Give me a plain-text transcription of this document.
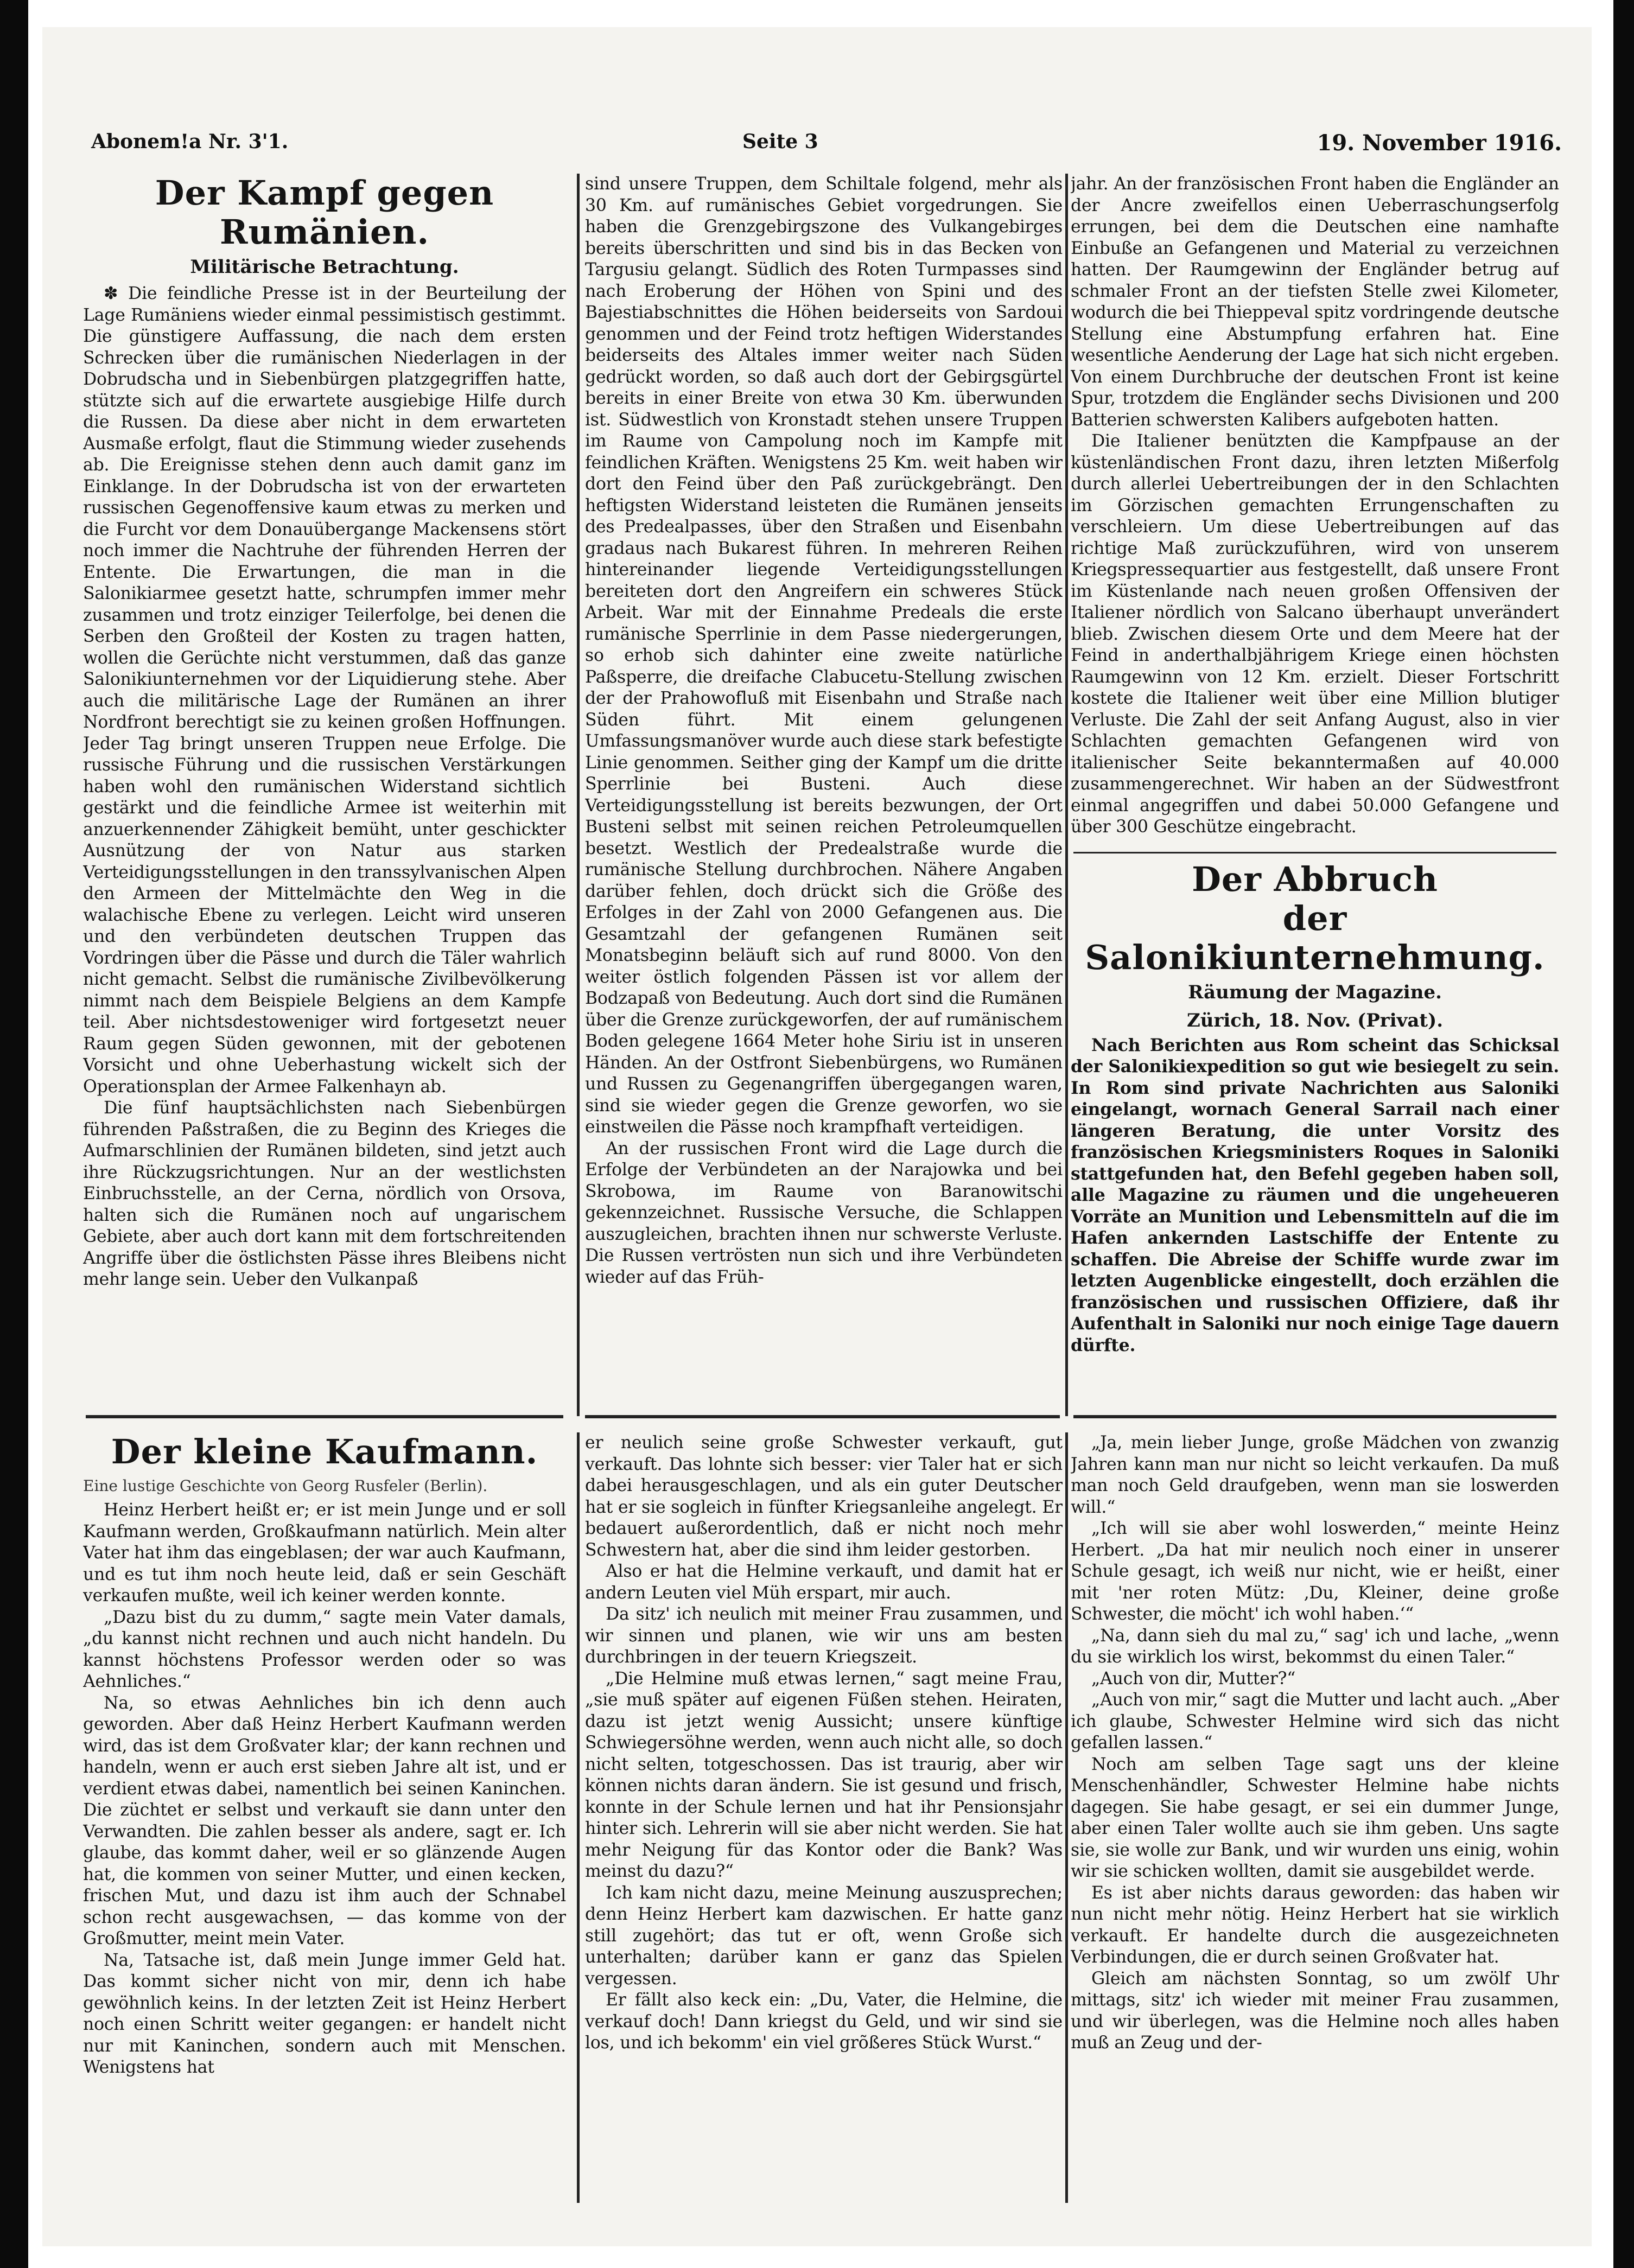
Abonem!a Nr. 3'1.	Seite 3	19. November 1916.
Der Kampf gegen Rumänien.
Militärische Betrachtung.

✽ Die feindliche Presse ist in der Beurteilung der Lage Rumäniens wieder einmal pessimistisch gestimmt. Die günstigere Auffassung, die nach dem ersten Schrecken über die rumänischen Niederlagen in der Dobrudscha und in Siebenbürgen platzgegriffen hatte, stützte sich auf die erwartete ausgiebige Hilfe durch die Russen. Da diese aber nicht in dem erwarteten Ausmaße erfolgt, flaut die Stimmung wieder zusehends ab. Die Ereignisse stehen denn auch damit ganz im Einklange. In der Dobrudscha ist von der erwarteten russischen Gegenoffensive kaum etwas zu merken und die Furcht vor dem Donauübergange Mackensens stört noch immer die Nachtruhe der führenden Herren der Entente. Die Erwartungen, die man in die Salonikiarmee gesetzt hatte, schrumpfen immer mehr zusammen und trotz einziger Teilerfolge, bei denen die Serben den Großteil der Kosten zu tragen hatten, wollen die Gerüchte nicht verstummen, daß das ganze Salonikiunternehmen vor der Liquidierung stehe. Aber auch die militärische Lage der Rumänen an ihrer Nordfront berechtigt sie zu keinen großen Hoffnungen. Jeder Tag bringt unseren Truppen neue Erfolge. Die russische Führung und die russischen Verstärkungen haben wohl den rumänischen Widerstand sichtlich gestärkt und die feindliche Armee ist weiterhin mit anzuerkennender Zähigkeit bemüht, unter geschickter Ausnützung der von Natur aus starken Verteidigungsstellungen in den transsylvanischen Alpen den Armeen der Mittelmächte den Weg in die walachische Ebene zu verlegen. Leicht wird unseren und den verbündeten deutschen Truppen das Vordringen über die Pässe und durch die Täler wahrlich nicht gemacht. Selbst die rumänische Zivilbevölkerung nimmt nach dem Beispiele Belgiens an dem Kampfe teil. Aber nichtsdestoweniger wird fortgesetzt neuer Raum gegen Süden gewonnen, mit der gebotenen Vorsicht und ohne Ueberhastung wickelt sich der Operationsplan der Armee Falkenhayn ab.

Die fünf hauptsächlichsten nach Siebenbürgen führenden Paßstraßen, die zu Beginn des Krieges die Aufmarschlinien der Rumänen bildeten, sind jetzt auch ihre Rückzugsrichtungen. Nur an der westlichsten Einbruchsstelle, an der Cerna, nördlich von Orsova, halten sich die Rumänen noch auf ungarischem Gebiete, aber auch dort kann mit dem fortschreitenden Angriffe über die östlichsten Pässe ihres Bleibens nicht mehr lange sein. Ueber den Vulkanpaß

sind unsere Truppen, dem Schiltale folgend, mehr als 30 Km. auf rumänisches Gebiet vorgedrungen. Sie haben die Grenzgebirgszone des Vulkangebirges bereits überschritten und sind bis in das Becken von Targusiu gelangt. Südlich des Roten Turmpasses sind nach Eroberung der Höhen von Spini und des Bajestiabschnittes die Höhen beiderseits von Sardoui genommen und der Feind trotz heftigen Widerstandes beiderseits des Altales immer weiter nach Süden gedrückt worden, so daß auch dort der Gebirgsgürtel bereits in einer Breite von etwa 30 Km. überwunden ist. Südwestlich von Kronstadt stehen unsere Truppen im Raume von Campolung noch im Kampfe mit feindlichen Kräften. Wenigstens 25 Km. weit haben wir dort den Feind über den Paß zurückgebrängt. Den heftigsten Widerstand leisteten die Rumänen jenseits des Predealpasses, über den Straßen und Eisenbahn gradaus nach Bukarest führen. In mehreren Reihen hintereinander liegende Verteidigungsstellungen bereiteten dort den Angreifern ein schweres Stück Arbeit. War mit der Einnahme Predeals die erste rumänische Sperrlinie in dem Passe niedergerungen, so erhob sich dahinter eine zweite natürliche Paßsperre, die dreifache Clabucetu-Stellung zwischen der der Prahowofluß mit Eisenbahn und Straße nach Süden führt. Mit einem gelungenen Umfassungsmanöver wurde auch diese stark befestigte Linie genommen. Seither ging der Kampf um die dritte Sperrlinie bei Busteni. Auch diese Verteidigungsstellung ist bereits bezwungen, der Ort Busteni selbst mit seinen reichen Petroleumquellen besetzt. Westlich der Predealstraße wurde die rumänische Stellung durchbrochen. Nähere Angaben darüber fehlen, doch drückt sich die Größe des Erfolges in der Zahl von 2000 Gefangenen aus. Die Gesamtzahl der gefangenen Rumänen seit Monatsbeginn beläuft sich auf rund 8000. Von den weiter östlich folgenden Pässen ist vor allem der Bodzapaß von Bedeutung. Auch dort sind die Rumänen über die Grenze zurückgeworfen, der auf rumänischem Boden gelegene 1664 Meter hohe Siriu ist in unseren Händen. An der Ostfront Siebenbürgens, wo Rumänen und Russen zu Gegenangriffen übergegangen waren, sind sie wieder gegen die Grenze geworfen, wo sie einstweilen die Pässe noch krampfhaft verteidigen.

An der russischen Front wird die Lage durch die Erfolge der Verbündeten an der Narajowka und bei Skrobowa, im Raume von Baranowitschi gekennzeichnet. Russische Versuche, die Schlappen auszugleichen, brachten ihnen nur schwerste Verluste. Die Russen vertrösten nun sich und ihre Verbündeten wieder auf das Früh-

jahr. An der französischen Front haben die Engländer an der Ancre zweifellos einen Ueberraschungserfolg errungen, bei dem die Deutschen eine namhafte Einbuße an Gefangenen und Material zu verzeichnen hatten. Der Raumgewinn der Engländer betrug auf schmaler Front an der tiefsten Stelle zwei Kilometer, wodurch die bei Thieppeval spitz vordringende deutsche Stellung eine Abstumpfung erfahren hat. Eine wesentliche Aenderung der Lage hat sich nicht ergeben. Von einem Durchbruche der deutschen Front ist keine Spur, trotzdem die Engländer sechs Divisionen und 200 Batterien schwersten Kalibers aufgeboten hatten.

Die Italiener benützten die Kampfpause an der küstenländischen Front dazu, ihren letzten Mißerfolg durch allerlei Uebertreibungen der in den Schlachten im Görzischen gemachten Errungenschaften zu verschleiern. Um diese Uebertreibungen auf das richtige Maß zurückzuführen, wird von unserem Kriegspressequartier aus festgestellt, daß unsere Front im Küstenlande nach neuen großen Offensiven der Italiener nördlich von Salcano überhaupt unverändert blieb. Zwischen diesem Orte und dem Meere hat der Feind in anderthalbjährigem Kriege einen höchsten Raumgewinn von 12 Km. erzielt. Dieser Fortschritt kostete die Italiener weit über eine Million blutiger Verluste. Die Zahl der seit Anfang August, also in vier Schlachten gemachten Gefangenen wird von italienischer Seite bekanntermaßen auf 40.000 zusammengerechnet. Wir haben an der Südwestfront einmal angegriffen und dabei 50.000 Gefangene und über 300 Geschütze eingebracht.

Der Abbruch
der Salonikiunternehmung.
Räumung der Magazine.
Zürich, 18. Nov. (Privat).

Nach Berichten aus Rom scheint das Schicksal der Salonikiexpedition so gut wie besiegelt zu sein. In Rom sind private Nachrichten aus Saloniki eingelangt, wornach General Sarrail nach einer längeren Beratung, die unter Vorsitz des französischen Kriegsministers Roques in Saloniki stattgefunden hat, den Befehl gegeben haben soll, alle Magazine zu räumen und die ungeheueren Vorräte an Munition und Lebensmitteln auf die im Hafen ankernden Lastschiffe der Entente zu schaffen. Die Abreise der Schiffe wurde zwar im letzten Augenblicke eingestellt, doch erzählen die französischen und russischen Offiziere, daß ihr Aufenthalt in Saloniki nur noch einige Tage dauern dürfte.

Der kleine Kaufmann.
Eine lustige Geschichte von Georg Rusfeler (Berlin).

Heinz Herbert heißt er; er ist mein Junge und er soll Kaufmann werden, Großkaufmann natürlich. Mein alter Vater hat ihm das eingeblasen; der war auch Kaufmann, und es tut ihm noch heute leid, daß er sein Geschäft verkaufen mußte, weil ich keiner werden konnte.

„Dazu bist du zu dumm,“ sagte mein Vater damals, „du kannst nicht rechnen und auch nicht handeln. Du kannst höchstens Professor werden oder so was Aehnliches.“

Na, so etwas Aehnliches bin ich denn auch geworden. Aber daß Heinz Herbert Kaufmann werden wird, das ist dem Großvater klar; der kann rechnen und handeln, wenn er auch erst sieben Jahre alt ist, und er verdient etwas dabei, namentlich bei seinen Kaninchen. Die züchtet er selbst und verkauft sie dann unter den Verwandten. Die zahlen besser als andere, sagt er. Ich glaube, das kommt daher, weil er so glänzende Augen hat, die kommen von seiner Mutter, und einen kecken, frischen Mut, und dazu ist ihm auch der Schnabel schon recht ausgewachsen, — das komme von der Großmutter, meint mein Vater.

Na, Tatsache ist, daß mein Junge immer Geld hat. Das kommt sicher nicht von mir, denn ich habe gewöhnlich keins. In der letzten Zeit ist Heinz Herbert noch einen Schritt weiter gegangen: er handelt nicht nur mit Kaninchen, sondern auch mit Menschen. Wenigstens hat

er neulich seine große Schwester verkauft, gut verkauft. Das lohnte sich besser: vier Taler hat er sich dabei herausgeschlagen, und als ein guter Deutscher hat er sie sogleich in fünfter Kriegsanleihe angelegt. Er bedauert außerordentlich, daß er nicht noch mehr Schwestern hat, aber die sind ihm leider gestorben.

Also er hat die Helmine verkauft, und damit hat er andern Leuten viel Müh erspart, mir auch.

Da sitz' ich neulich mit meiner Frau zusammen, und wir sinnen und planen, wie wir uns am besten durchbringen in der teuern Kriegszeit.

„Die Helmine muß etwas lernen,“ sagt meine Frau, „sie muß später auf eigenen Füßen stehen. Heiraten, dazu ist jetzt wenig Aussicht; unsere künftige Schwiegersöhne werden, wenn auch nicht alle, so doch nicht selten, totgeschossen. Das ist traurig, aber wir können nichts daran ändern. Sie ist gesund und frisch, konnte in der Schule lernen und hat ihr Pensionsjahr hinter sich. Lehrerin will sie aber nicht werden. Sie hat mehr Neigung für das Kontor oder die Bank? Was meinst du dazu?“

Ich kam nicht dazu, meine Meinung auszusprechen; denn Heinz Herbert kam dazwischen. Er hatte ganz still zugehört; das tut er oft, wenn Große sich unterhalten; darüber kann er ganz das Spielen vergessen.

Er fällt also keck ein: „Du, Vater, die Helmine, die verkauf doch! Dann kriegst du Geld, und wir sind sie los, und ich bekomm' ein viel grõßeres Stück Wurst.“

„Ja, mein lieber Junge, große Mädchen von zwanzig Jahren kann man nur nicht so leicht verkaufen. Da muß man noch Geld draufgeben, wenn man sie loswerden will.“

„Ich will sie aber wohl loswerden,“ meinte Heinz Herbert. „Da hat mir neulich noch einer in unserer Schule gesagt, ich weiß nur nicht, wie er heißt, einer mit 'ner roten Mütz: ‚Du, Kleiner, deine große Schwester, die möcht' ich wohl haben.‘“

„Na, dann sieh du mal zu,“ sag' ich und lache, „wenn du sie wirklich los wirst, bekommst du einen Taler.“

„Auch von dir, Mutter?“

„Auch von mir,“ sagt die Mutter und lacht auch. „Aber ich glaube, Schwester Helmine wird sich das nicht gefallen lassen.“

Noch am selben Tage sagt uns der kleine Menschenhändler, Schwester Helmine habe nichts dagegen. Sie habe gesagt, er sei ein dummer Junge, aber einen Taler wollte auch sie ihm geben. Uns sagte sie, sie wolle zur Bank, und wir wurden uns einig, wohin wir sie schicken wollten, damit sie ausgebildet werde.

Es ist aber nichts daraus geworden: das haben wir nun nicht mehr nötig. Heinz Herbert hat sie wirklich verkauft. Er handelte durch die ausgezeichneten Verbindungen, die er durch seinen Großvater hat.

Gleich am nächsten Sonntag, so um zwölf Uhr mittags, sitz' ich wieder mit meiner Frau zusammen, und wir überlegen, was die Helmine noch alles haben muß an Zeug und der-
